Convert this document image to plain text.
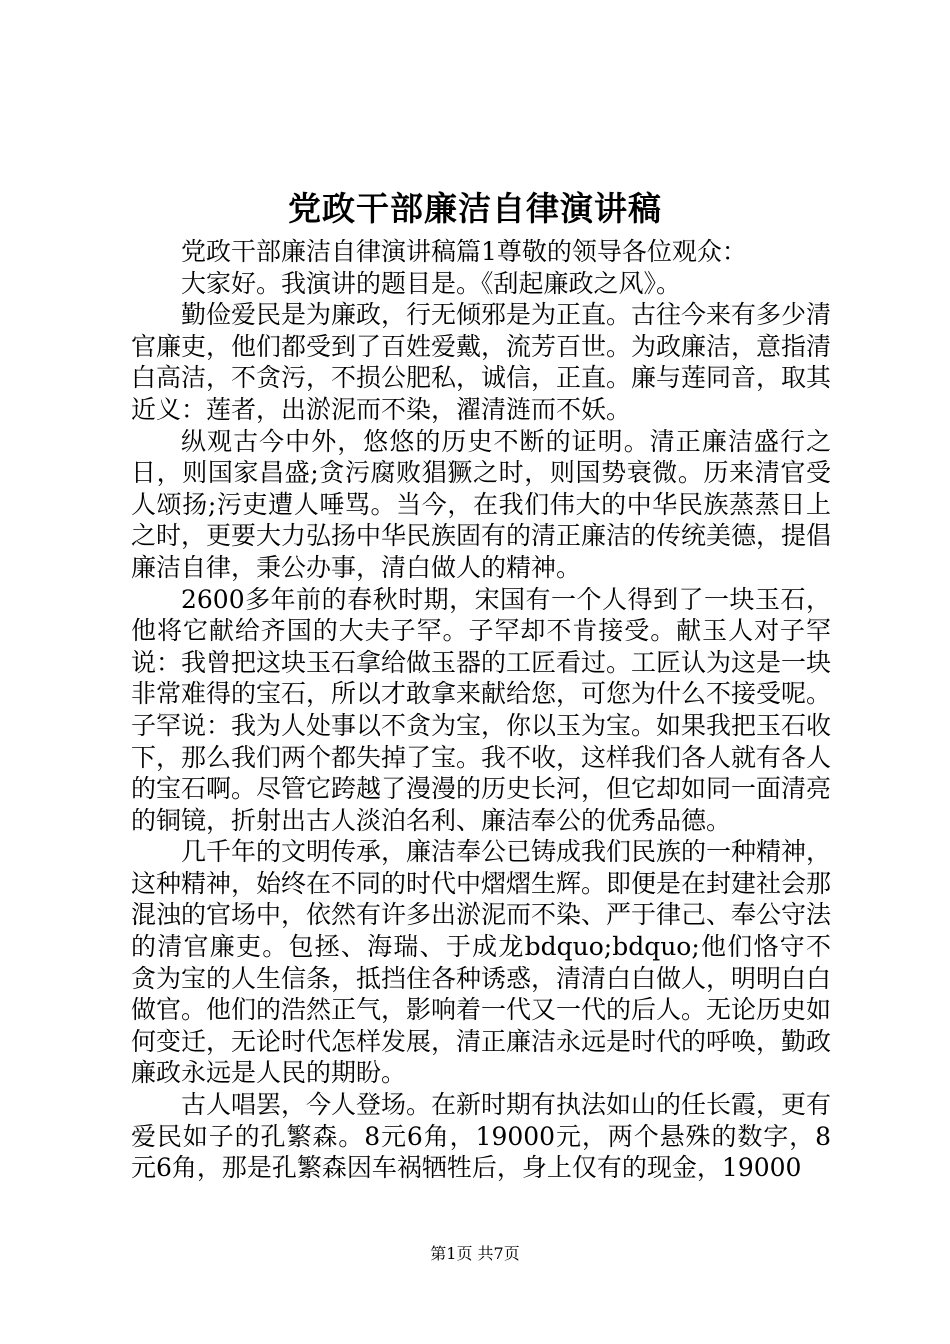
党政干部廉洁自律演讲稿

党政干部廉洁自律演讲稿篇1尊敬的领导各位观众：

大家好。我演讲的题目是。《刮起廉政之风》。

勤俭爱民是为廉政，行无倾邪是为正直。古往今来有多少清官廉吏，他们都受到了百姓爱戴，流芳百世。为政廉洁，意指清白高洁，不贪污，不损公肥私，诚信，正直。廉与莲同音，取其近义：莲者，出淤泥而不染，濯清涟而不妖。

纵观古今中外，悠悠的历史不断的证明。清正廉洁盛行之日，则国家昌盛;贪污腐败猖獗之时，则国势衰微。历来清官受人颂扬;污吏遭人唾骂。当今，在我们伟大的中华民族蒸蒸日上之时，更要大力弘扬中华民族固有的清正廉洁的传统美德，提倡廉洁自律，秉公办事，清白做人的精神。

2600多年前的春秋时期，宋国有一个人得到了一块玉石，他将它献给齐国的大夫子罕。子罕却不肯接受。献玉人对子罕说：我曾把这块玉石拿给做玉器的工匠看过。工匠认为这是一块非常难得的宝石，所以才敢拿来献给您，可您为什么不接受呢。子罕说：我为人处事以不贪为宝，你以玉为宝。如果我把玉石收下，那么我们两个都失掉了宝。我不收，这样我们各人就有各人的宝石啊。尽管它跨越了漫漫的历史长河，但它却如同一面清亮的铜镜，折射出古人淡泊名利、廉洁奉公的优秀品德。

几千年的文明传承，廉洁奉公已铸成我们民族的一种精神，这种精神，始终在不同的时代中熠熠生辉。即便是在封建社会那混浊的官场中，依然有许多出淤泥而不染、严于律己、奉公守法的清官廉吏。包拯、海瑞、于成龙bdquo;bdquo;他们恪守不贪为宝的人生信条，抵挡住各种诱惑，清清白白做人，明明白白做官。他们的浩然正气，影响着一代又一代的后人。无论历史如何变迁，无论时代怎样发展，清正廉洁永远是时代的呼唤，勤政廉政永远是人民的期盼。

古人唱罢，今人登场。在新时期有执法如山的任长霞，更有爱民如子的孔繁森。8元6角，19000元，两个悬殊的数字，8元6角，那是孔繁森因车祸牺牲后，身上仅有的现金，19000

第1页 共7页
